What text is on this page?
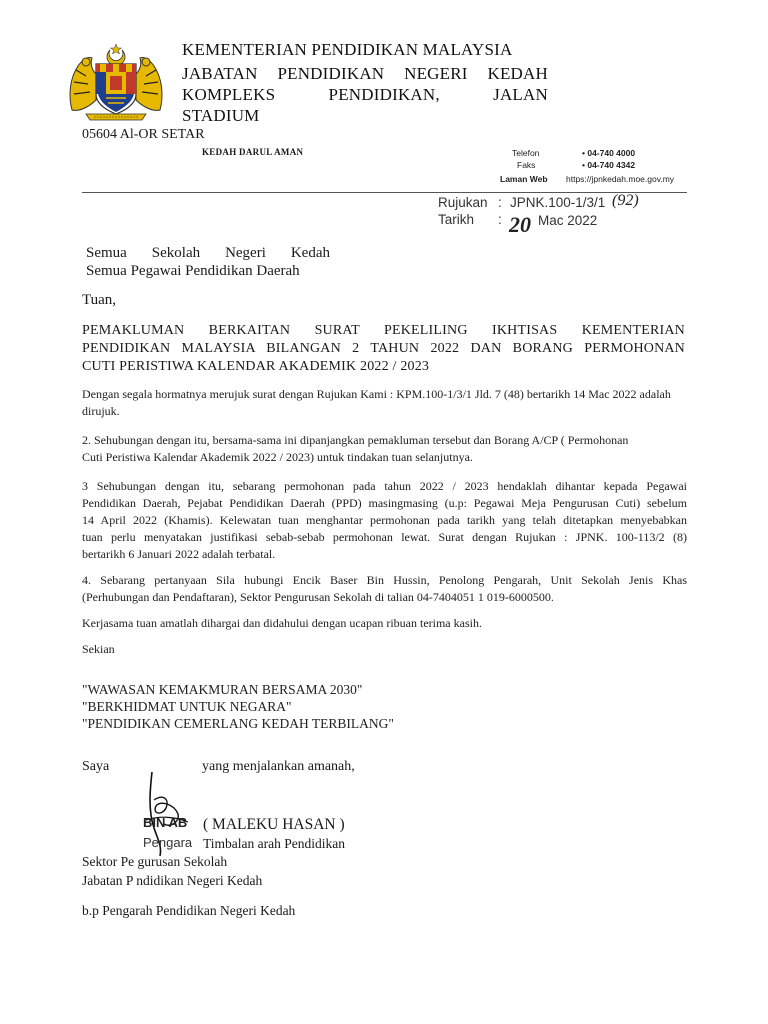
KEMENTERIAN PENDIDIKAN MALAYSIA
JABATAN PENDIDIKAN NEGERI KEDAH
KOMPLEKS	PENDIDIKAN,	JALAN
STADIUM
05604 Al-OR SETAR
KEDAH DARUL AMAN	Telefon	• 04-740 4000
Faks	• 04-740 4342
Laman Web https://jpnkedah.moe.gov.my
Rujukan : JPNK.100-1/3/1 (92)
Tarikh : 20 Mac 2022
Semua Sekolah Negeri Kedah
Semua Pegawai Pendidikan Daerah
Tuan,
PEMAKLUMAN BERKAITAN SURAT PEKELILING IKHTISAS KEMENTERIAN
PENDIDIKAN MALAYSIA BILANGAN 2 TAHUN 2022 DAN BORANG PERMOHONAN
CUTI PERISTIWA KALENDAR AKADEMIK 2022 / 2023
Dengan segala hormatnya merujuk surat dengan Rujukan Kami : KPM.100-1/3/1 Jld. 7 (48) bertarikh 14 Mac 2022 adalah
dirujuk.
2. Sehubungan dengan itu, bersama-sama ini dipanjangkan pemakluman tersebut dan Borang A/CP ( Permohonan
Cuti Peristiwa Kalendar Akademik 2022 / 2023) untuk tindakan tuan selanjutnya.
3 Sehubungan dengan itu, sebarang permohonan pada tahun 2022 / 2023 hendaklah dihantar kepada Pegawai
Pendidikan Daerah, Pejabat Pendidikan Daerah (PPD) masingmasing (u.p: Pegawai Meja Pengurusan Cuti) sebelum
14 April 2022 (Khamis). Kelewatan tuan menghantar permohonan pada tarikh yang telah ditetapkan menyebabkan
tuan perlu menyatakan justifikasi sebab-sebab permohonan lewat. Surat dengan Rujukan : JPNK. 100-113/2 (8)
bertarikh 6 Januari 2022 adalah terbatal.
4. Sebarang pertanyaan Sila hubungi Encik Baser Bin Hussin, Penolong Pengarah, Unit Sekolah Jenis Khas
(Perhubungan dan Pendaftaran), Sektor Pengurusan Sekolah di talian 04-7404051 1 019-6000500.
Kerjasama tuan amatlah dihargai dan didahului dengan ucapan ribuan terima kasih.
Sekian
"WAWASAN KEMAKMURAN BERSAMA 2030"
"BERKHIDMAT UNTUK NEGARA"
"PENDIDIKAN CEMERLANG KEDAH TERBILANG"
Saya	yang menjalankan amanah,
BIN AB
Pengara
( MALEKU HASAN )
Timbalan arah Pendidikan
Sektor Pe gurusan Sekolah
Jabatan P ndidikan Negeri Kedah
b.p Pengarah Pendidikan Negeri Kedah
